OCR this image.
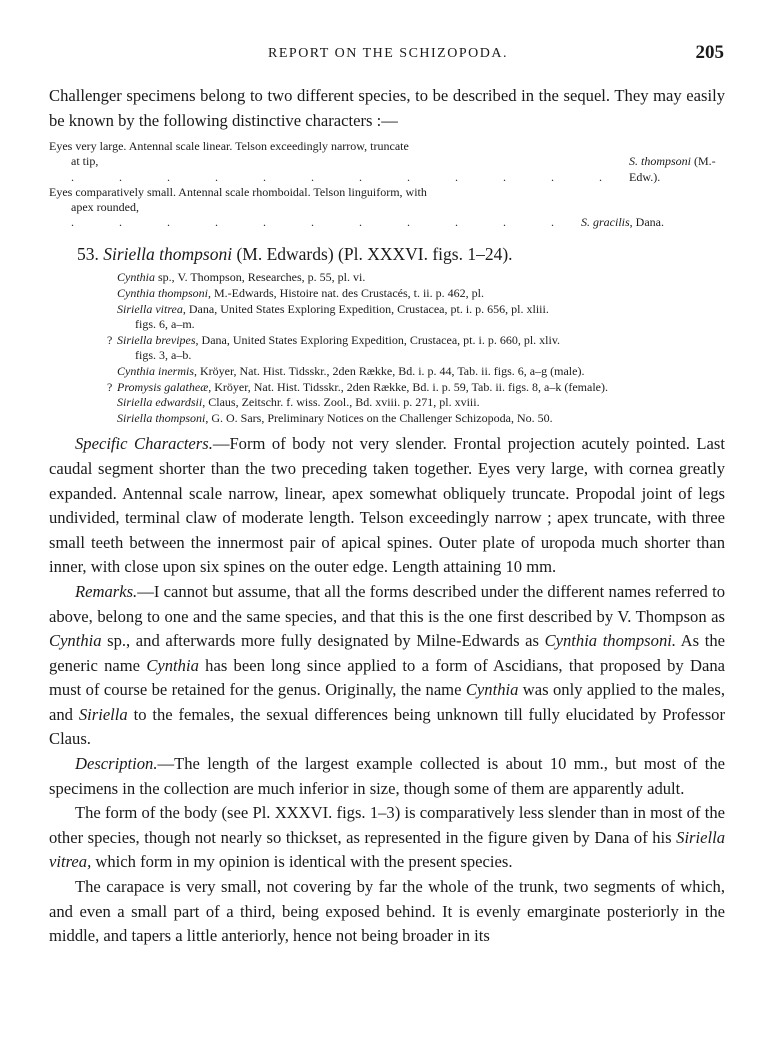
REPORT ON THE SCHIZOPODA.	205

Challenger specimens belong to two different species, to be described in the sequel. They may easily be known by the following distinctive characters :—

Eyes very large. Antennal scale linear. Telson exceedingly narrow, truncate
at tip, . . . . . . . . . . . .
S. thompsoni (M.-Edw.).
Eyes comparatively small. Antennal scale rhomboidal. Telson linguiform, with
apex rounded, . . . . . . . . . . . S. gracilis, Dana.
53. Siriella thompsoni (M. Edwards) (Pl. XXXVI. figs. 1–24).

Cynthia sp., V. Thompson, Researches, p. 55, pl. vi.

Cynthia thompsoni, M.-Edwards, Histoire nat. des Crustacés, t. ii. p. 462, pl.

Siriella vitrea, Dana, United States Exploring Expedition, Crustacea, pt. i. p. 656, pl. xliii.
figs. 6, a–m.

? Siriella brevipes, Dana, United States Exploring Expedition, Crustacea, pt. i. p. 660, pl. xliv.
figs. 3, a–b.

Cynthia inermis, Kröyer, Nat. Hist. Tidsskr., 2den Række, Bd. i. p. 44, Tab. ii. figs. 6, a–g (male).

? Promysis galatheæ, Kröyer, Nat. Hist. Tidsskr., 2den Række, Bd. i. p. 59, Tab. ii. figs. 8, a–k (female).

Siriella edwardsii, Claus, Zeitschr. f. wiss. Zool., Bd. xviii. p. 271, pl. xviii.

Siriella thompsoni, G. O. Sars, Preliminary Notices on the Challenger Schizopoda, No. 50.

Specific Characters.—Form of body not very slender. Frontal projection acutely pointed. Last caudal segment shorter than the two preceding taken together. Eyes very large, with cornea greatly expanded. Antennal scale narrow, linear, apex somewhat obliquely truncate. Propodal joint of legs undivided, terminal claw of moderate length. Telson exceedingly narrow ; apex truncate, with three small teeth between the innermost pair of apical spines. Outer plate of uropoda much shorter than inner, with close upon six spines on the outer edge. Length attaining 10 mm.

Remarks.—I cannot but assume, that all the forms described under the different names referred to above, belong to one and the same species, and that this is the one first described by V. Thompson as Cynthia sp., and afterwards more fully designated by Milne-Edwards as Cynthia thompsoni. As the generic name Cynthia has been long since applied to a form of Ascidians, that proposed by Dana must of course be retained for the genus. Originally, the name Cynthia was only applied to the males, and Siriella to the females, the sexual differences being unknown till fully elucidated by Professor Claus.

Description.—The length of the largest example collected is about 10 mm., but most of the specimens in the collection are much inferior in size, though some of them are apparently adult.

The form of the body (see Pl. XXXVI. figs. 1–3) is comparatively less slender than in most of the other species, though not nearly so thickset, as represented in the figure given by Dana of his Siriella vitrea, which form in my opinion is identical with the present species.

The carapace is very small, not covering by far the whole of the trunk, two segments of which, and even a small part of a third, being exposed behind. It is evenly emarginate posteriorly in the middle, and tapers a little anteriorly, hence not being broader in its
